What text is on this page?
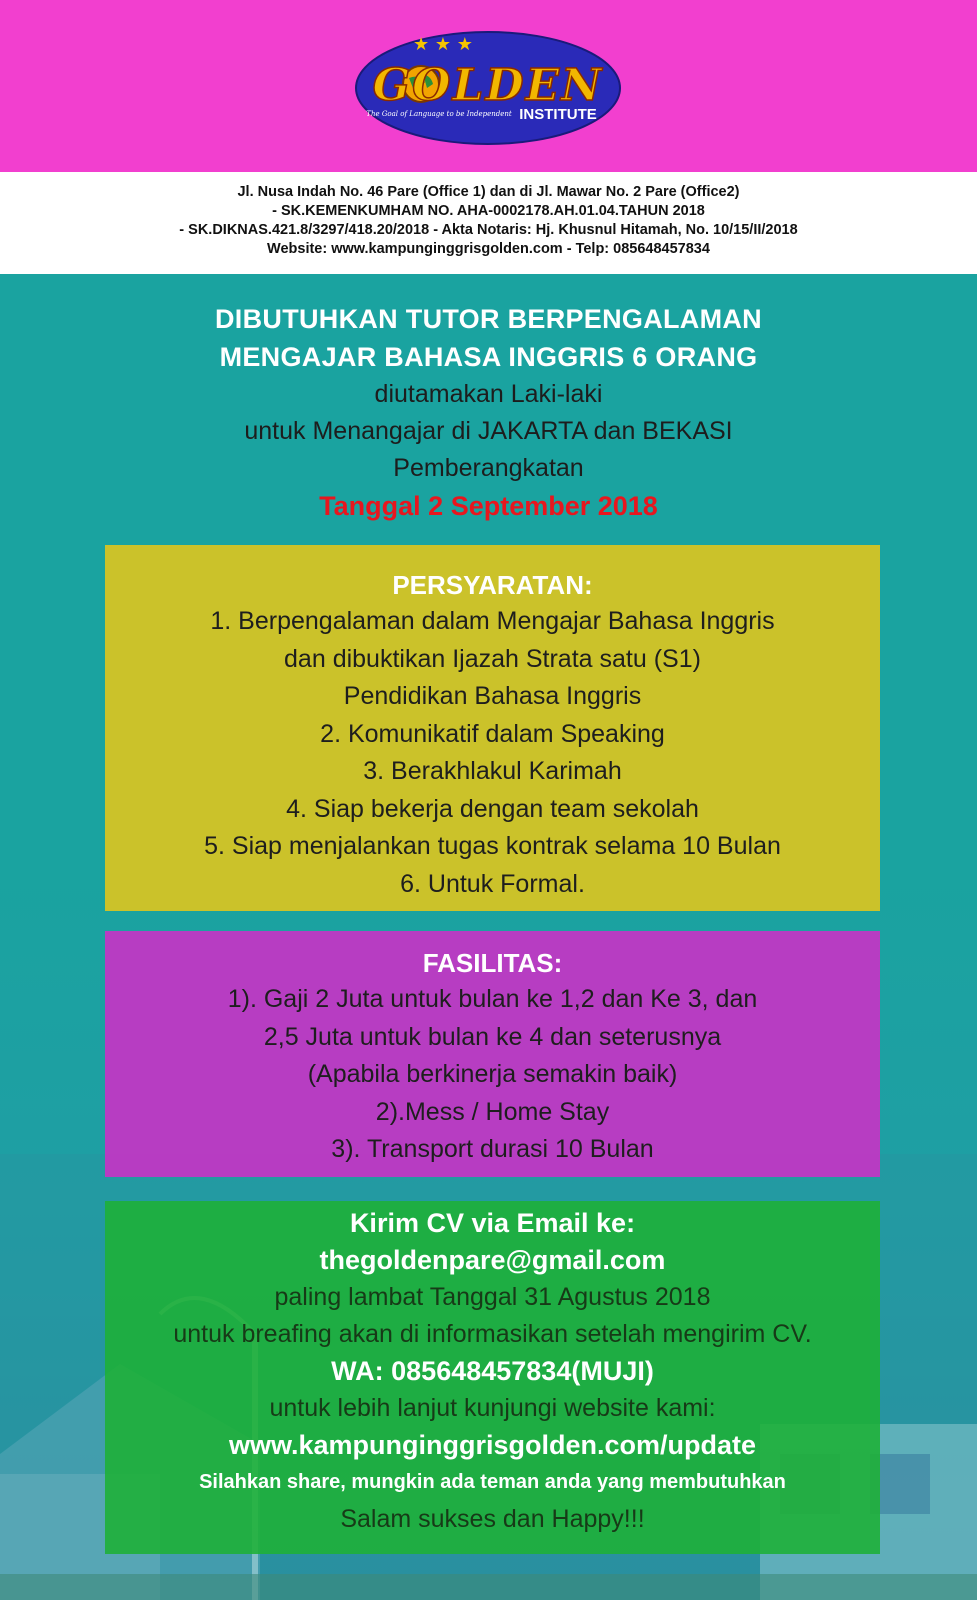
★ ★ ★
GOLDEN
The Goal of Language to be Independent INSTITUTE
Jl. Nusa Indah No. 46 Pare (Office 1) dan di Jl. Mawar No. 2 Pare (Office2)
- SK.KEMENKUMHAM NO. AHA-0002178.AH.01.04.TAHUN 2018
- SK.DIKNAS.421.8/3297/418.20/2018 - Akta Notaris: Hj. Khusnul Hitamah, No. 10/15/II/2018
Website: www.kampunginggrisgolden.com - Telp: 085648457834
DIBUTUHKAN TUTOR BERPENGALAMAN
MENGAJAR BAHASA INGGRIS 6 ORANG
diutamakan Laki-laki
untuk Menangajar di JAKARTA dan BEKASI
Pemberangkatan
Tanggal 2 September 2018
PERSYARATAN:
1. Berpengalaman dalam Mengajar Bahasa Inggris
dan dibuktikan Ijazah Strata satu (S1)
Pendidikan Bahasa Inggris
2. Komunikatif dalam Speaking
3. Berakhlakul Karimah
4. Siap bekerja dengan team sekolah
5. Siap menjalankan tugas kontrak selama 10 Bulan
6. Untuk Formal.
FASILITAS:
1). Gaji 2 Juta untuk bulan ke 1,2 dan Ke 3, dan
2,5 Juta untuk bulan ke 4 dan seterusnya
(Apabila berkinerja semakin baik)
2).Mess / Home Stay
3). Transport durasi 10 Bulan
Kirim CV via Email ke:
thegoldenpare@gmail.com
paling lambat Tanggal 31 Agustus 2018
untuk breafing akan di informasikan setelah mengirim CV.
WA: 085648457834(MUJI)
untuk lebih lanjut kunjungi website kami:
www.kampunginggrisgolden.com/update
Silahkan share, mungkin ada teman anda yang membutuhkan
Salam sukses dan Happy!!!
